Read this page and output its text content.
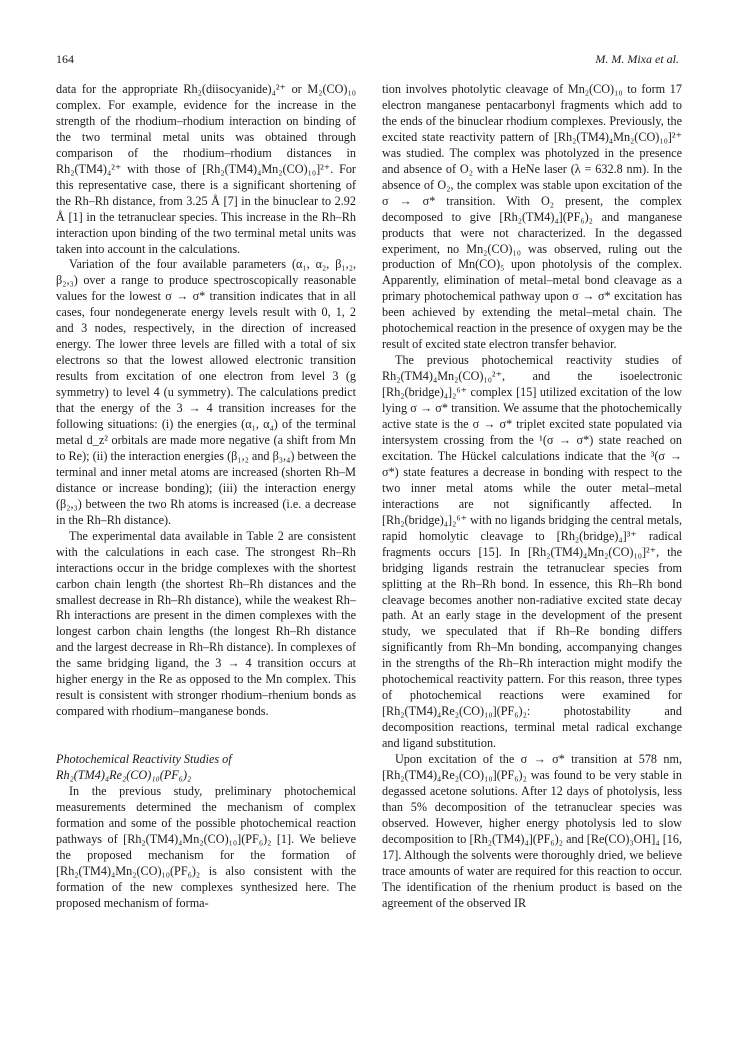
164	M. M. Mixa et al.

data for the appropriate Rh₂(diisocyanide)₄²⁺ or M₂(CO)₁₀ complex. For example, evidence for the increase in the strength of the rhodium–rhodium interaction on binding of the two terminal metal units was obtained through comparison of the rhodium–rhodium distances in Rh₂(TM4)₄²⁺ with those of [Rh₂(TM4)₄Mn₂(CO)₁₀]²⁺. For this representative case, there is a significant shortening of the Rh–Rh distance, from 3.25 Å [7] in the binuclear to 2.92 Å [1] in the tetranuclear species. This increase in the Rh–Rh interaction upon binding of the two terminal metal units was taken into account in the calculations.

Variation of the four available parameters (α₁, α₂, β₁,₂, β₂,₃) over a range to produce spectroscopically reasonable values for the lowest σ → σ* transition indicates that in all cases, four nondegenerate energy levels result with 0, 1, 2 and 3 nodes, respectively, in the direction of increased energy. The lower three levels are filled with a total of six electrons so that the lowest allowed electronic transition results from excitation of one electron from level 3 (g symmetry) to level 4 (u symmetry). The calculations predict that the energy of the 3 → 4 transition increases for the following situations: (i) the energies (α₁, α₄) of the terminal metal d_z² orbitals are made more negative (a shift from Mn to Re); (ii) the interaction energies (β₁,₂ and β₃,₄) between the terminal and inner metal atoms are increased (shorten Rh–M distance or increase bonding); (iii) the interaction energy (β₂,₃) between the two Rh atoms is increased (i.e. a decrease in the Rh–Rh distance).

The experimental data available in Table 2 are consistent with the calculations in each case. The strongest Rh–Rh interactions occur in the bridge complexes with the shortest carbon chain length (the shortest Rh–Rh distances and the smallest decrease in Rh–Rh distance), while the weakest Rh–Rh interactions are present in the dimen complexes with the longest carbon chain lengths (the longest Rh–Rh distance and the largest decrease in Rh–Rh distance). In complexes of the same bridging ligand, the 3 → 4 transition occurs at higher energy in the Re as opposed to the Mn complex. This result is consistent with stronger rhodium–rhenium bonds as compared with rhodium–manganese bonds.

Photochemical Reactivity Studies of
Rh₂(TM4)₄Re₂(CO)₁₀(PF₆)₂

In the previous study, preliminary photochemical measurements determined the mechanism of complex formation and some of the possible photochemical reaction pathways of [Rh₂(TM4)₄Mn₂(CO)₁₀](PF₆)₂ [1]. We believe the proposed mechanism for the formation of [Rh₂(TM4)₄Mn₂(CO)₁₀(PF₆)₂ is also consistent with the formation of the new complexes synthesized here. The proposed mechanism of forma-

tion involves photolytic cleavage of Mn₂(CO)₁₀ to form 17 electron manganese pentacarbonyl fragments which add to the ends of the binuclear rhodium complexes. Previously, the excited state reactivity pattern of [Rh₂(TM4)₄Mn₂(CO)₁₀]²⁺ was studied. The complex was photolyzed in the presence and absence of O₂ with a HeNe laser (λ = 632.8 nm). In the absence of O₂, the complex was stable upon excitation of the σ → σ* transition. With O₂ present, the complex decomposed to give [Rh₂(TM4)₄](PF₆)₂ and manganese products that were not characterized. In the degassed experiment, no Mn₂(CO)₁₀ was observed, ruling out the production of Mn(CO)₅ upon photolysis of the complex. Apparently, elimination of metal–metal bond cleavage as a primary photochemical pathway upon σ → σ* excitation has been achieved by extending the metal–metal chain. The photochemical reaction in the presence of oxygen may be the result of excited state electron transfer behavior.

The previous photochemical reactivity studies of Rh₂(TM4)₄Mn₂(CO)₁₀²⁺, and the isoelectronic [Rh₂(bridge)₄]₂⁶⁺ complex [15] utilized excitation of the low lying σ → σ* transition. We assume that the photochemically active state is the σ → σ* triplet excited state populated via intersystem crossing from the ¹(σ → σ*) state reached on excitation. The Hückel calculations indicate that the ³(σ → σ*) state features a decrease in bonding with respect to the two inner metal atoms while the outer metal–metal interactions are not significantly affected. In [Rh₂(bridge)₄]₂⁶⁺ with no ligands bridging the central metals, rapid homolytic cleavage to [Rh₂(bridge)₄]³⁺ radical fragments occurs [15]. In [Rh₂(TM4)₄Mn₂(CO)₁₀]²⁺, the bridging ligands restrain the tetranuclear species from splitting at the Rh–Rh bond. In essence, this Rh–Rh bond cleavage becomes another non-radiative excited state decay path. At an early stage in the development of the present study, we speculated that if Rh–Re bonding differs significantly from Rh–Mn bonding, accompanying changes in the strengths of the Rh–Rh interaction might modify the photochemical reactivity pattern. For this reason, three types of photochemical reactions were examined for [Rh₂(TM4)₄Re₂(CO)₁₀](PF₆)₂: photostability and decomposition reactions, terminal metal radical exchange and ligand substitution.

Upon excitation of the σ → σ* transition at 578 nm, [Rh₂(TM4)₄Re₂(CO)₁₀](PF₆)₂ was found to be very stable in degassed acetone solutions. After 12 days of photolysis, less than 5% decomposition of the tetranuclear species was observed. However, higher energy photolysis led to slow decomposition to [Rh₂(TM4)₄](PF₆)₂ and [Re(CO)₃OH]₄ [16, 17]. Although the solvents were thoroughly dried, we believe trace amounts of water are required for this reaction to occur. The identification of the rhenium product is based on the agreement of the observed IR
